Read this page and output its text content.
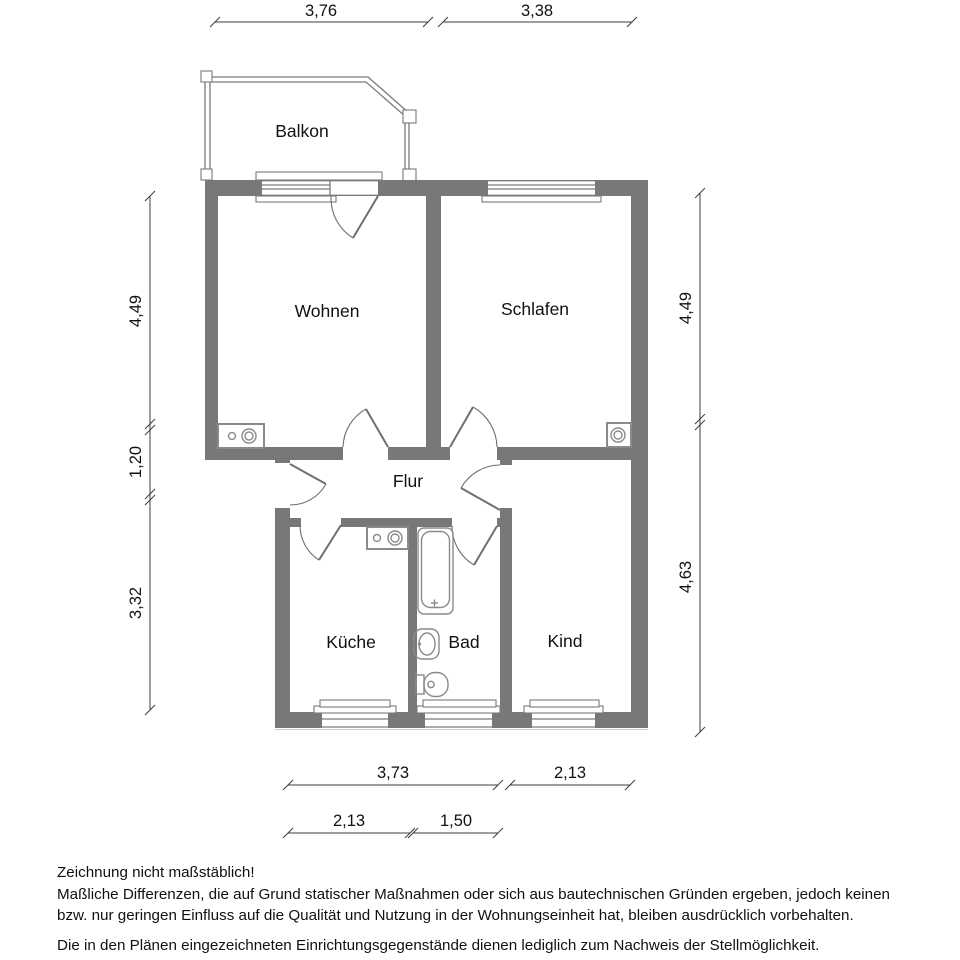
Balkon
Wohnen	Schlafen
Flur
Küche	Bad	Kind
3,76	3,38
4,49
1,20
3,32
4,49
4,63
3,73	2,13
2,13	1,50
Zeichnung nicht maßstäblich!
Maßliche Differenzen, die auf Grund statischer Maßnahmen oder sich aus bautechnischen Gründen ergeben, jedoch keinen
bzw. nur geringen Einfluss auf die Qualität und Nutzung in der Wohnungseinheit hat, bleiben ausdrücklich vorbehalten.
Die in den Plänen eingezeichneten Einrichtungsgegenstände dienen lediglich zum Nachweis der Stellmöglichkeit.
